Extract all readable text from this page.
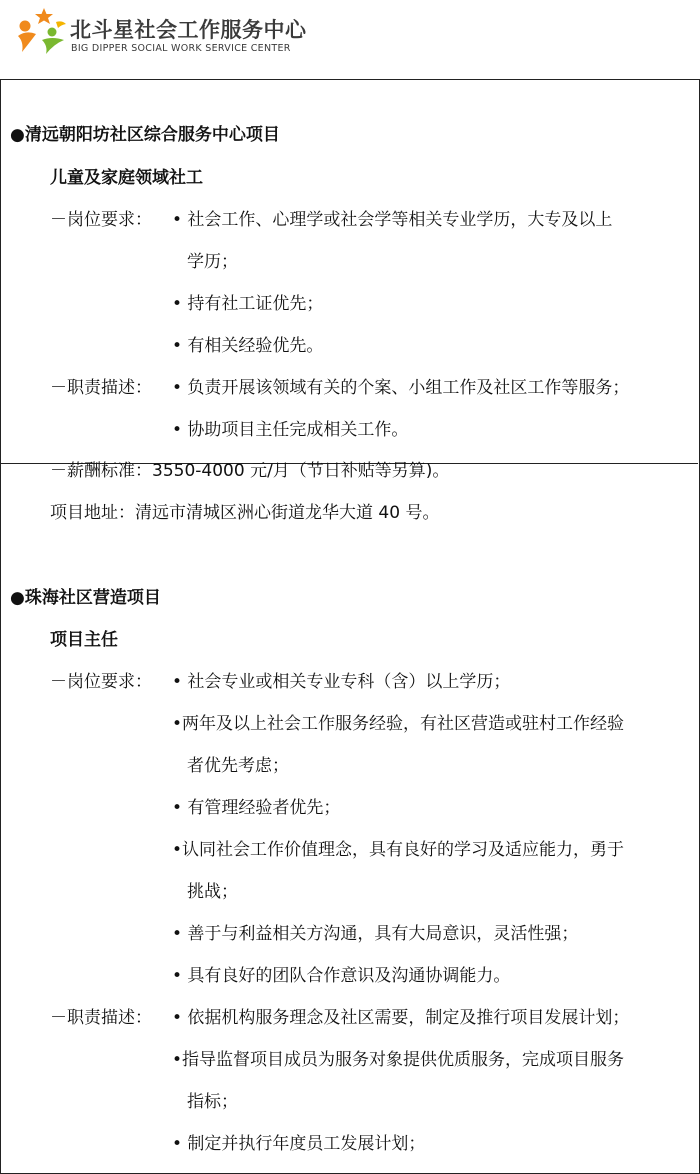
北斗星社会工作服务中心
BIG DIPPER SOCIAL WORK SERVICE CENTER
●清远朝阳坊社区综合服务中心项目
儿童及家庭领域社工
－岗位要求： • 社会工作、心理学或社会学等相关专业学历，大专及以上
学历；
• 持有社工证优先；
• 有相关经验优先。
－职责描述： • 负责开展该领域有关的个案、小组工作及社区工作等服务；
• 协助项目主任完成相关工作。
－薪酬标准：3550-4000 元/月（节日补贴等另算)。
项目地址：清远市清城区洲心街道龙华大道 40 号。
●珠海社区营造项目
项目主任
－岗位要求： • 社会专业或相关专业专科（含）以上学历；
•两年及以上社会工作服务经验，有社区营造或驻村工作经验
者优先考虑；
• 有管理经验者优先；
•认同社会工作价值理念，具有良好的学习及适应能力，勇于
挑战；
• 善于与利益相关方沟通，具有大局意识，灵活性强；
• 具有良好的团队合作意识及沟通协调能力。
－职责描述： • 依据机构服务理念及社区需要，制定及推行项目发展计划；
•指导监督项目成员为服务对象提供优质服务，完成项目服务
指标；
• 制定并执行年度员工发展计划；
